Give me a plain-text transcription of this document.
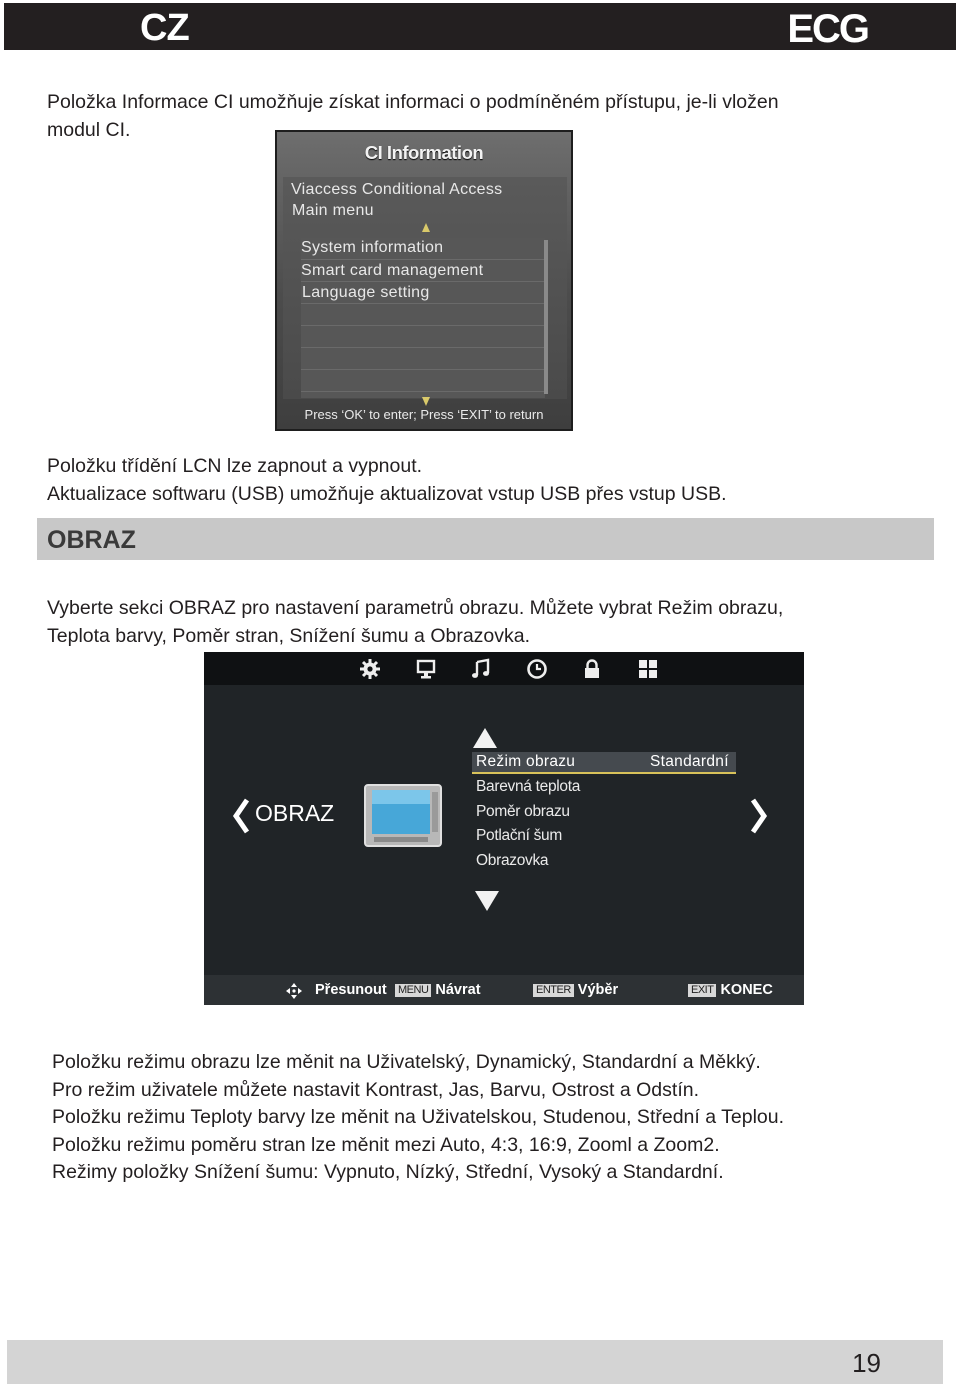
CZ	ECG

Položka Informace CI umožňuje získat informaci o podmíněném přístupu, je-li vložen
modul CI.

CI Information
Viaccess Conditional Access
Main menu
System information
Smart card management
Language setting
Press ‘OK’ to enter; Press ‘EXIT’ to return

Položku třídění LCN lze zapnout a vypnout.
Aktualizace softwaru (USB) umožňuje aktualizovat vstup USB přes vstup USB.

OBRAZ

Vyberte sekci OBRAZ pro nastavení parametrů obrazu. Můžete vybrat Režim obrazu,
Teplota barvy, Poměr stran, Snížení šumu a Obrazovka.

OBRAZ
Režim obrazu	Standardní
Barevná teplota
Poměr obrazu
Potlační šum
Obrazovka
Přesunout MENU Návrat	ENTER Výběr	EXIT KONEC

Položku režimu obrazu lze měnit na Uživatelský, Dynamický, Standardní a Měkký.
Pro režim uživatele můžete nastavit Kontrast, Jas, Barvu, Ostrost a Odstín.
Položku režimu Teploty barvy lze měnit na Uživatelskou, Studenou, Střední a Teplou.
Položku režimu poměru stran lze měnit mezi Auto, 4:3, 16:9, Zooml a Zoom2.
Režimy položky Snížení šumu: Vypnuto, Nízký, Střední, Vysoký a Standardní.

19
